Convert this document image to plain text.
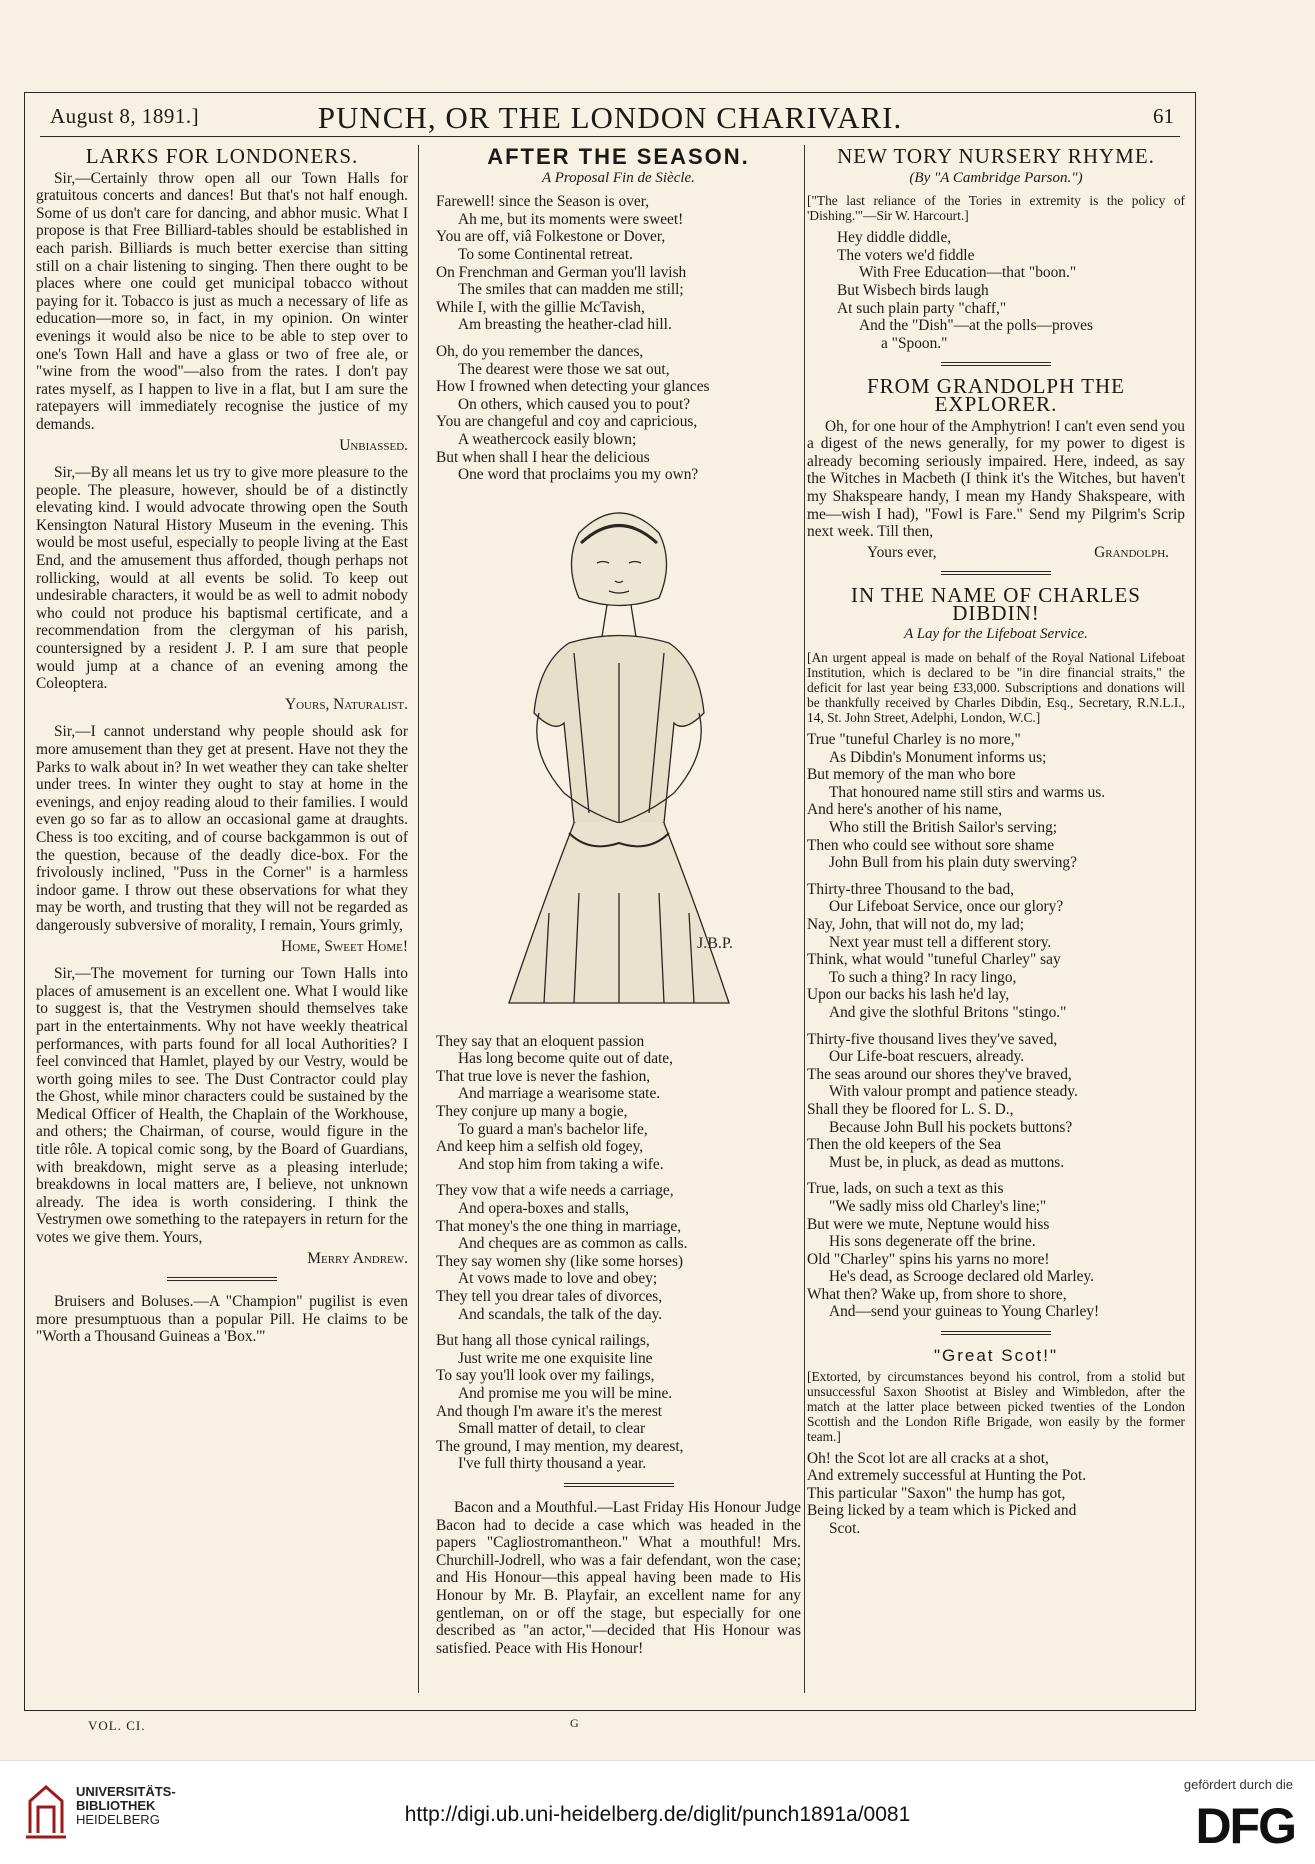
August 8, 1891.]	PUNCH, OR THE LONDON CHARIVARI.	61
LARKS FOR LONDONERS.

Sir,—Certainly throw open all our Town Halls for gratuitous concerts and dances! But that's not half enough. Some of us don't care for dancing, and abhor music. What I propose is that Free Billiard-tables should be established in each parish. Billiards is much better exercise than sitting still on a chair listening to singing. Then there ought to be places where one could get municipal tobacco without paying for it. Tobacco is just as much a necessary of life as education—more so, in fact, in my opinion. On winter evenings it would also be nice to be able to step over to one's Town Hall and have a glass or two of free ale, or "wine from the wood"—also from the rates. I don't pay rates myself, as I happen to live in a flat, but I am sure the ratepayers will immediately recognise the justice of my demands.

Unbiassed.

Sir,—By all means let us try to give more pleasure to the people. The pleasure, however, should be of a distinctly elevating kind. I would advocate throwing open the South Kensington Natural History Museum in the evening. This would be most useful, especially to people living at the East End, and the amusement thus afforded, though perhaps not rollicking, would at all events be solid. To keep out undesirable characters, it would be as well to admit nobody who could not produce his baptismal certificate, and a recommendation from the clergyman of his parish, countersigned by a resident J. P. I am sure that people would jump at a chance of an evening among the Coleoptera.

Yours, Naturalist.

Sir,—I cannot understand why people should ask for more amusement than they get at present. Have not they the Parks to walk about in? In wet weather they can take shelter under trees. In winter they ought to stay at home in the evenings, and enjoy reading aloud to their families. I would even go so far as to allow an occasional game at draughts. Chess is too exciting, and of course backgammon is out of the question, because of the deadly dice-box. For the frivolously inclined, "Puss in the Corner" is a harmless indoor game. I throw out these observations for what they may be worth, and trusting that they will not be regarded as dangerously subversive of morality, I remain, Yours grimly,

Home, Sweet Home!

Sir,—The movement for turning our Town Halls into places of amusement is an excellent one. What I would like to suggest is, that the Vestrymen should themselves take part in the entertainments. Why not have weekly theatrical performances, with parts found for all local Authorities? I feel convinced that Hamlet, played by our Vestry, would be worth going miles to see. The Dust Contractor could play the Ghost, while minor characters could be sustained by the Medical Officer of Health, the Chaplain of the Workhouse, and others; the Chairman, of course, would figure in the title rôle. A topical comic song, by the Board of Guardians, with breakdown, might serve as a pleasing interlude; breakdowns in local matters are, I believe, not unknown already. The idea is worth considering. I think the Vestrymen owe something to the ratepayers in return for the votes we give them. Yours,

Merry Andrew.

Bruisers and Boluses.—A "Champion" pugilist is even more presumptuous than a popular Pill. He claims to be "Worth a Thousand Guineas a 'Box.'"

AFTER THE SEASON.
A Proposal Fin de Siècle.
Farewell! since the Season is over,
Ah me, but its moments were sweet!
You are off, viâ Folkestone or Dover,
To some Continental retreat.
On Frenchman and German you'll lavish
The smiles that can madden me still;
While I, with the gillie McTavish,
Am breasting the heather-clad hill.
Oh, do you remember the dances,
The dearest were those we sat out,
How I frowned when detecting your glances
On others, which caused you to pout?
You are changeful and coy and capricious,
A weathercock easily blown;
But when shall I hear the delicious
One word that proclaims you my own?
J.B.P.
They say that an eloquent passion
Has long become quite out of date,
That true love is never the fashion,
And marriage a wearisome state.
They conjure up many a bogie,
To guard a man's bachelor life,
And keep him a selfish old fogey,
And stop him from taking a wife.
They vow that a wife needs a carriage,
And opera-boxes and stalls,
That money's the one thing in marriage,
And cheques are as common as calls.
They say women shy (like some horses)
At vows made to love and obey;
They tell you drear tales of divorces,
And scandals, the talk of the day.
But hang all those cynical railings,
Just write me one exquisite line
To say you'll look over my failings,
And promise me you will be mine.
And though I'm aware it's the merest
Small matter of detail, to clear
The ground, I may mention, my dearest,
I've full thirty thousand a year.

Bacon and a Mouthful.—Last Friday His Honour Judge Bacon had to decide a case which was headed in the papers "Cagliostromantheon." What a mouthful! Mrs. Churchill-Jodrell, who was a fair defendant, won the case; and His Honour—this appeal having been made to His Honour by Mr. B. Playfair, an excellent name for any gentleman, on or off the stage, but especially for one described as "an actor,"—decided that His Honour was satisfied. Peace with His Honour!

NEW TORY NURSERY RHYME.
(By "A Cambridge Parson.")
["The last reliance of the Tories in extremity is the policy of 'Dishing.'"—Sir W. Harcourt.]
Hey diddle diddle,
The voters we'd fiddle
With Free Education—that "boon."
But Wisbech birds laugh
At such plain party "chaff,"
And the "Dish"—at the polls—proves
a "Spoon."
FROM GRANDOLPH THE EXPLORER.

Oh, for one hour of the Amphytrion! I can't even send you a digest of the news generally, for my power to digest is already becoming seriously impaired. Here, indeed, as say the Witches in Macbeth (I think it's the Witches, but haven't my Shakspeare handy, I mean my Handy Shakspeare, with me—wish I had), "Fowl is Fare." Send my Pilgrim's Scrip next week. Till then,

Yours ever,	Grandolph.
IN THE NAME OF CHARLES DIBDIN!
A Lay for the Lifeboat Service.
[An urgent appeal is made on behalf of the Royal National Lifeboat Institution, which is declared to be "in dire financial straits," the deficit for last year being £33,000. Subscriptions and donations will be thankfully received by Charles Dibdin, Esq., Secretary, R.N.L.I., 14, St. John Street, Adelphi, London, W.C.]
True "tuneful Charley is no more,"
As Dibdin's Monument informs us;
But memory of the man who bore
That honoured name still stirs and warms us.
And here's another of his name,
Who still the British Sailor's serving;
Then who could see without sore shame
John Bull from his plain duty swerving?
Thirty-three Thousand to the bad,
Our Lifeboat Service, once our glory?
Nay, John, that will not do, my lad;
Next year must tell a different story.
Think, what would "tuneful Charley" say
To such a thing? In racy lingo,
Upon our backs his lash he'd lay,
And give the slothful Britons "stingo."
Thirty-five thousand lives they've saved,
Our Life-boat rescuers, already.
The seas around our shores they've braved,
With valour prompt and patience steady.
Shall they be floored for L. S. D.,
Because John Bull his pockets buttons?
Then the old keepers of the Sea
Must be, in pluck, as dead as muttons.
True, lads, on such a text as this
"We sadly miss old Charley's line;"
But were we mute, Neptune would hiss
His sons degenerate off the brine.
Old "Charley" spins his yarns no more!
He's dead, as Scrooge declared old Marley.
What then? Wake up, from shore to shore,
And—send your guineas to Young Charley!
"Great Scot!"
[Extorted, by circumstances beyond his control, from a stolid but unsuccessful Saxon Shootist at Bisley and Wimbledon, after the match at the latter place between picked twenties of the London Scottish and the London Rifle Brigade, won easily by the former team.]
Oh! the Scot lot are all cracks at a shot,
And extremely successful at Hunting the Pot.
This particular "Saxon" the hump has got,
Being licked by a team which is Picked and
Scot.
VOL. CI.	G
UNIVERSITÄTS-
BIBLIOTHEK
HEIDELBERG	http://digi.ub.uni-heidelberg.de/diglit/punch1891a/0081
gefördert durch die
DFG
